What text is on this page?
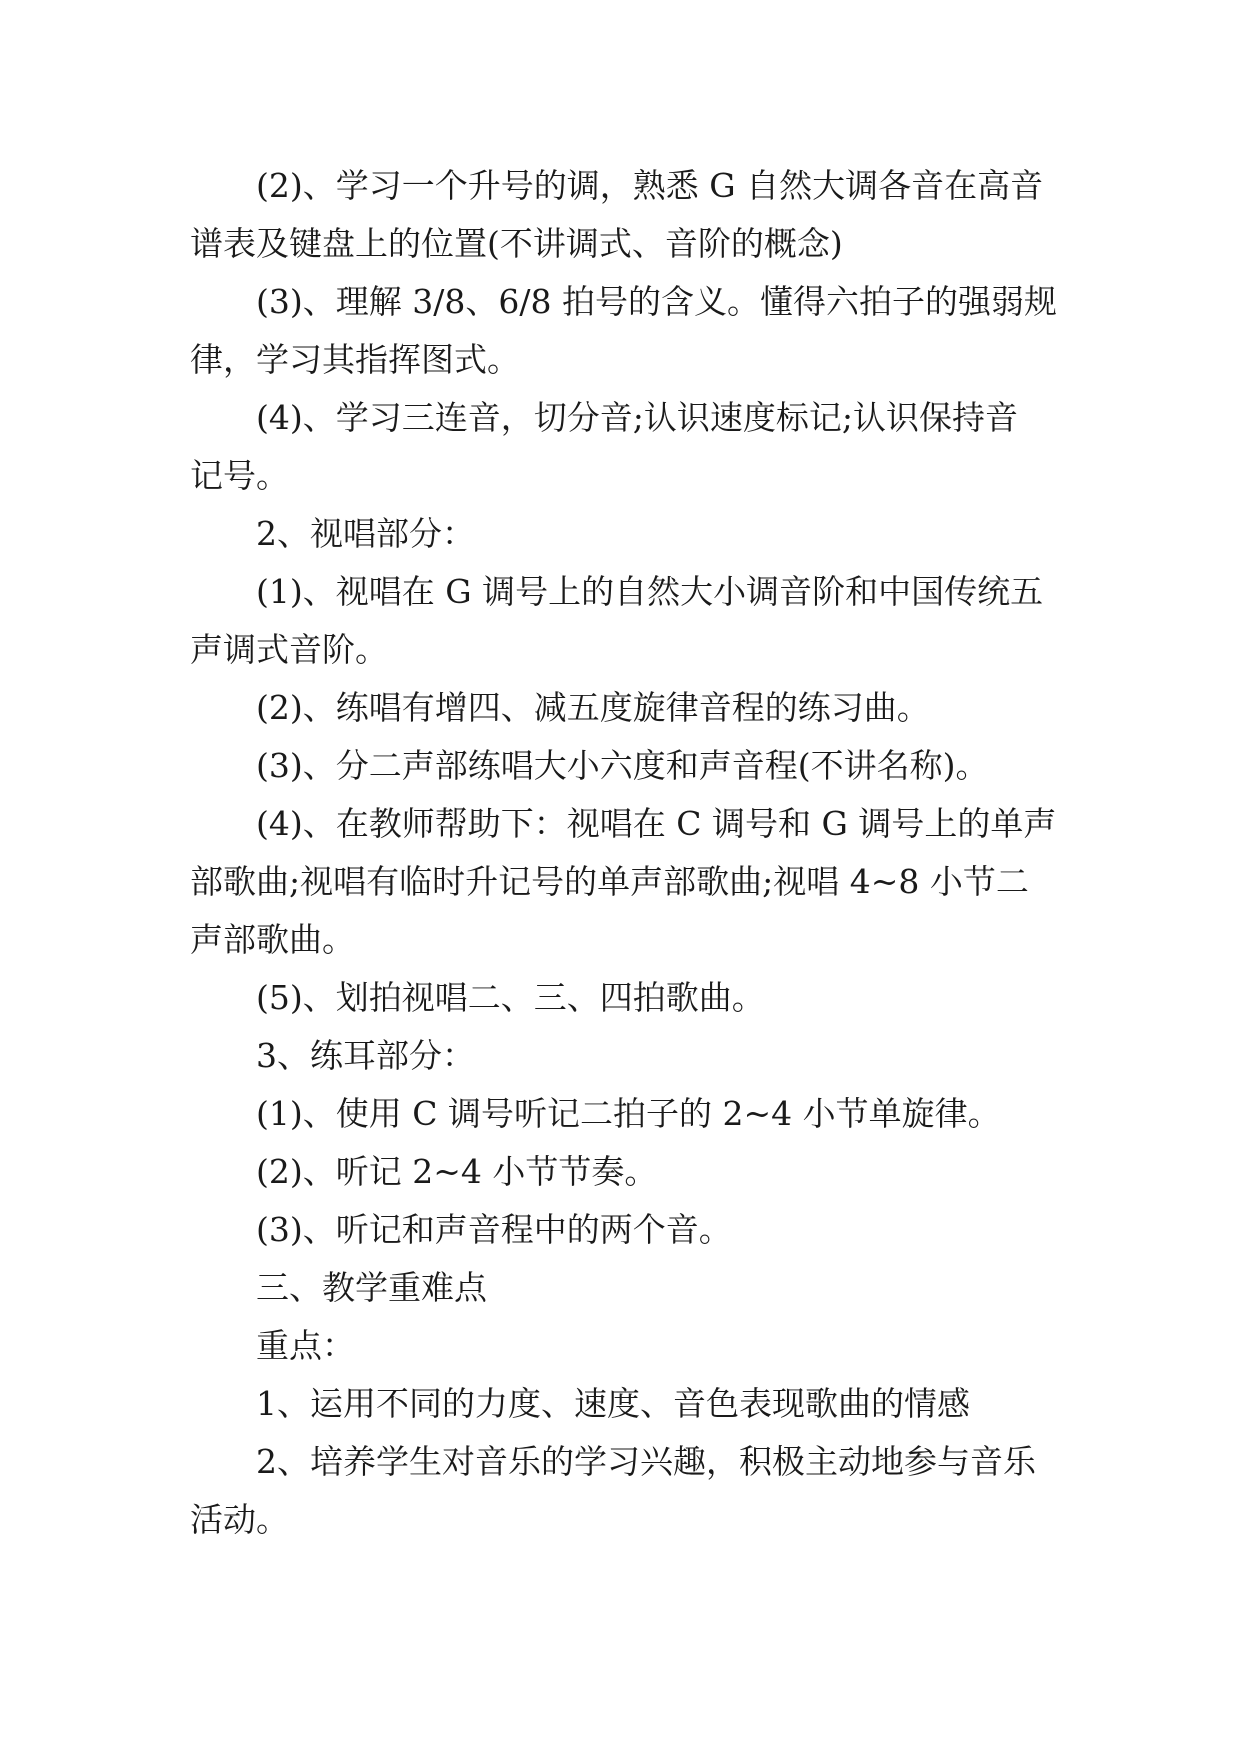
(2)、学习一个升号的调，熟悉 G 自然大调各音在高音
谱表及键盘上的位置(不讲调式、音阶的概念)
(3)、理解 3/8、6/8 拍号的含义。懂得六拍子的强弱规
律，学习其指挥图式。
(4)、学习三连音，切分音;认识速度标记;认识保持音
记号。
2、视唱部分：
(1)、视唱在 G 调号上的自然大小调音阶和中国传统五
声调式音阶。
(2)、练唱有增四、减五度旋律音程的练习曲。
(3)、分二声部练唱大小六度和声音程(不讲名称)。
(4)、在教师帮助下：视唱在 C 调号和 G 调号上的单声
部歌曲;视唱有临时升记号的单声部歌曲;视唱 4~8 小节二
声部歌曲。
(5)、划拍视唱二、三、四拍歌曲。
3、练耳部分：
(1)、使用 C 调号听记二拍子的 2~4 小节单旋律。
(2)、听记 2~4 小节节奏。
(3)、听记和声音程中的两个音。
三、教学重难点
重点：
1、运用不同的力度、速度、音色表现歌曲的情感
2、培养学生对音乐的学习兴趣，积极主动地参与音乐
活动。
